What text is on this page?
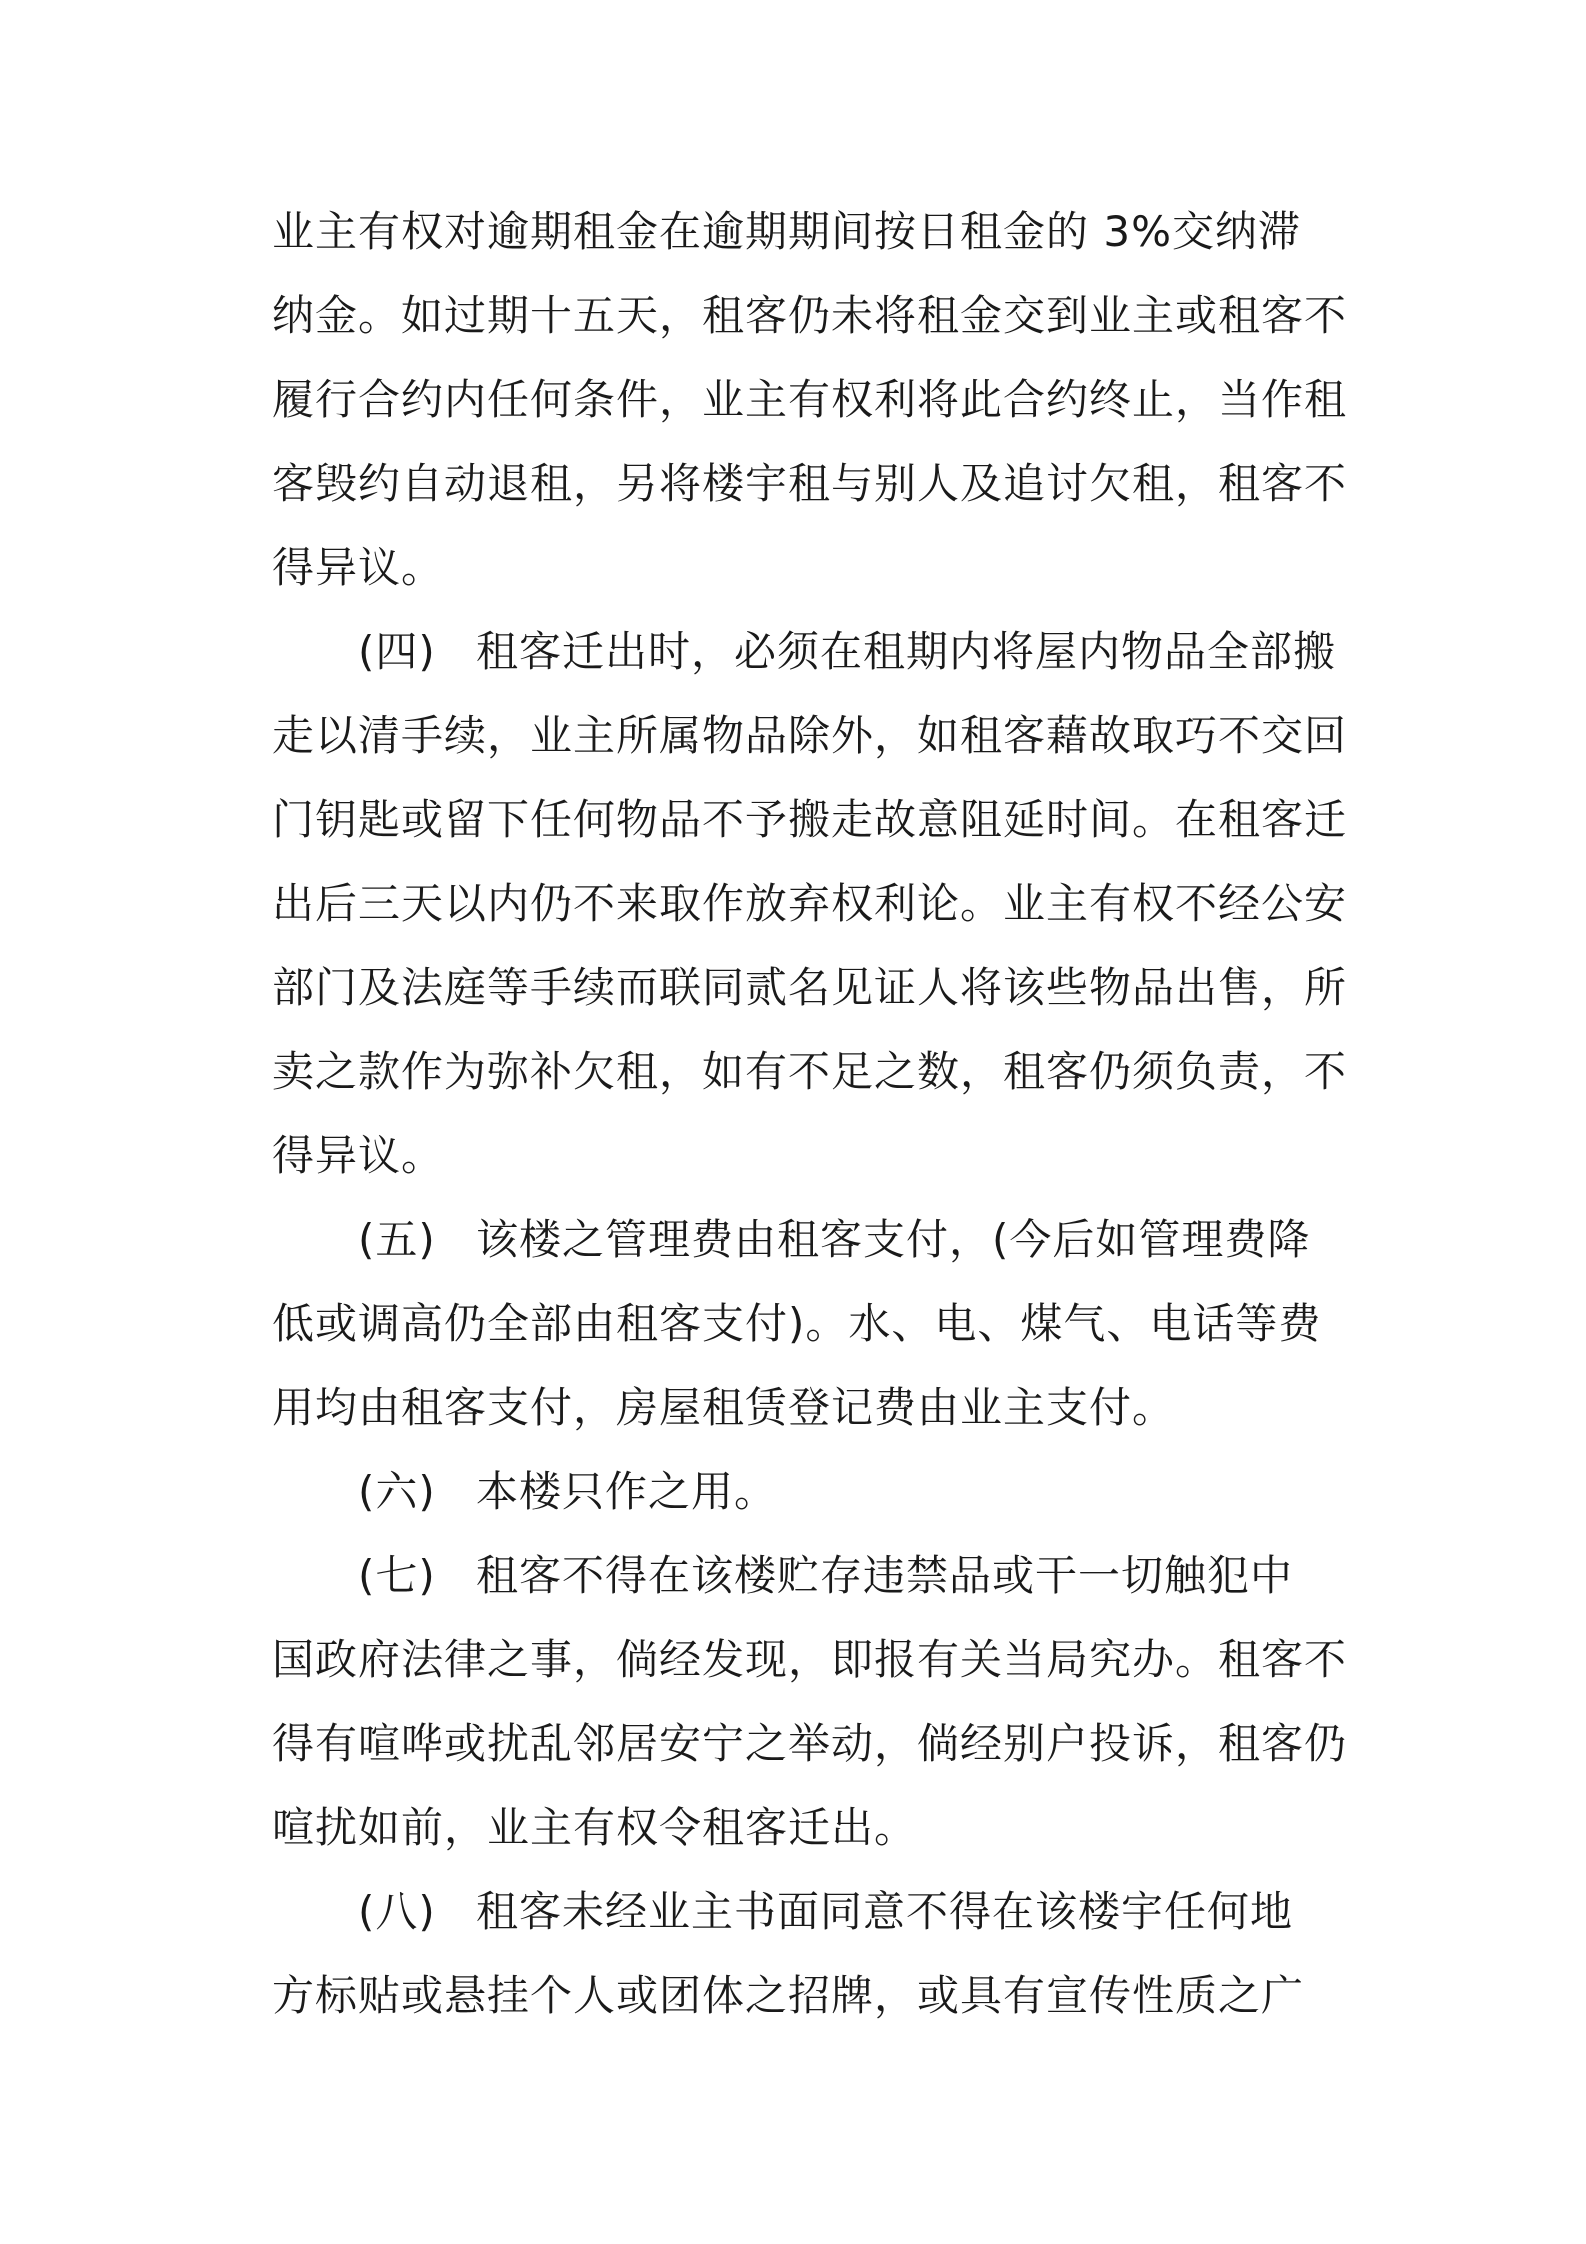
业主有权对逾期租金在逾期期间按日租金的 3%交纳滞
纳金。如过期十五天，租客仍未将租金交到业主或租客不
履行合约内任何条件，业主有权利将此合约终止，当作租
客毁约自动退租，另将楼宇租与别人及追讨欠租，租客不
得异议。
(四) 租客迁出时，必须在租期内将屋内物品全部搬
走以清手续，业主所属物品除外，如租客藉故取巧不交回
门钥匙或留下任何物品不予搬走故意阻延时间。在租客迁
出后三天以内仍不来取作放弃权利论。业主有权不经公安
部门及法庭等手续而联同贰名见证人将该些物品出售，所
卖之款作为弥补欠租，如有不足之数，租客仍须负责，不
得异议。
(五) 该楼之管理费由租客支付，(今后如管理费降
低或调高仍全部由租客支付)。水、电、煤气、电话等费
用均由租客支付，房屋租赁登记费由业主支付。
(六) 本楼只作之用。
(七) 租客不得在该楼贮存违禁品或干一切触犯中
国政府法律之事，倘经发现，即报有关当局究办。租客不
得有喧哗或扰乱邻居安宁之举动，倘经别户投诉，租客仍
喧扰如前，业主有权令租客迁出。
(八) 租客未经业主书面同意不得在该楼宇任何地
方标贴或悬挂个人或团体之招牌，或具有宣传性质之广
